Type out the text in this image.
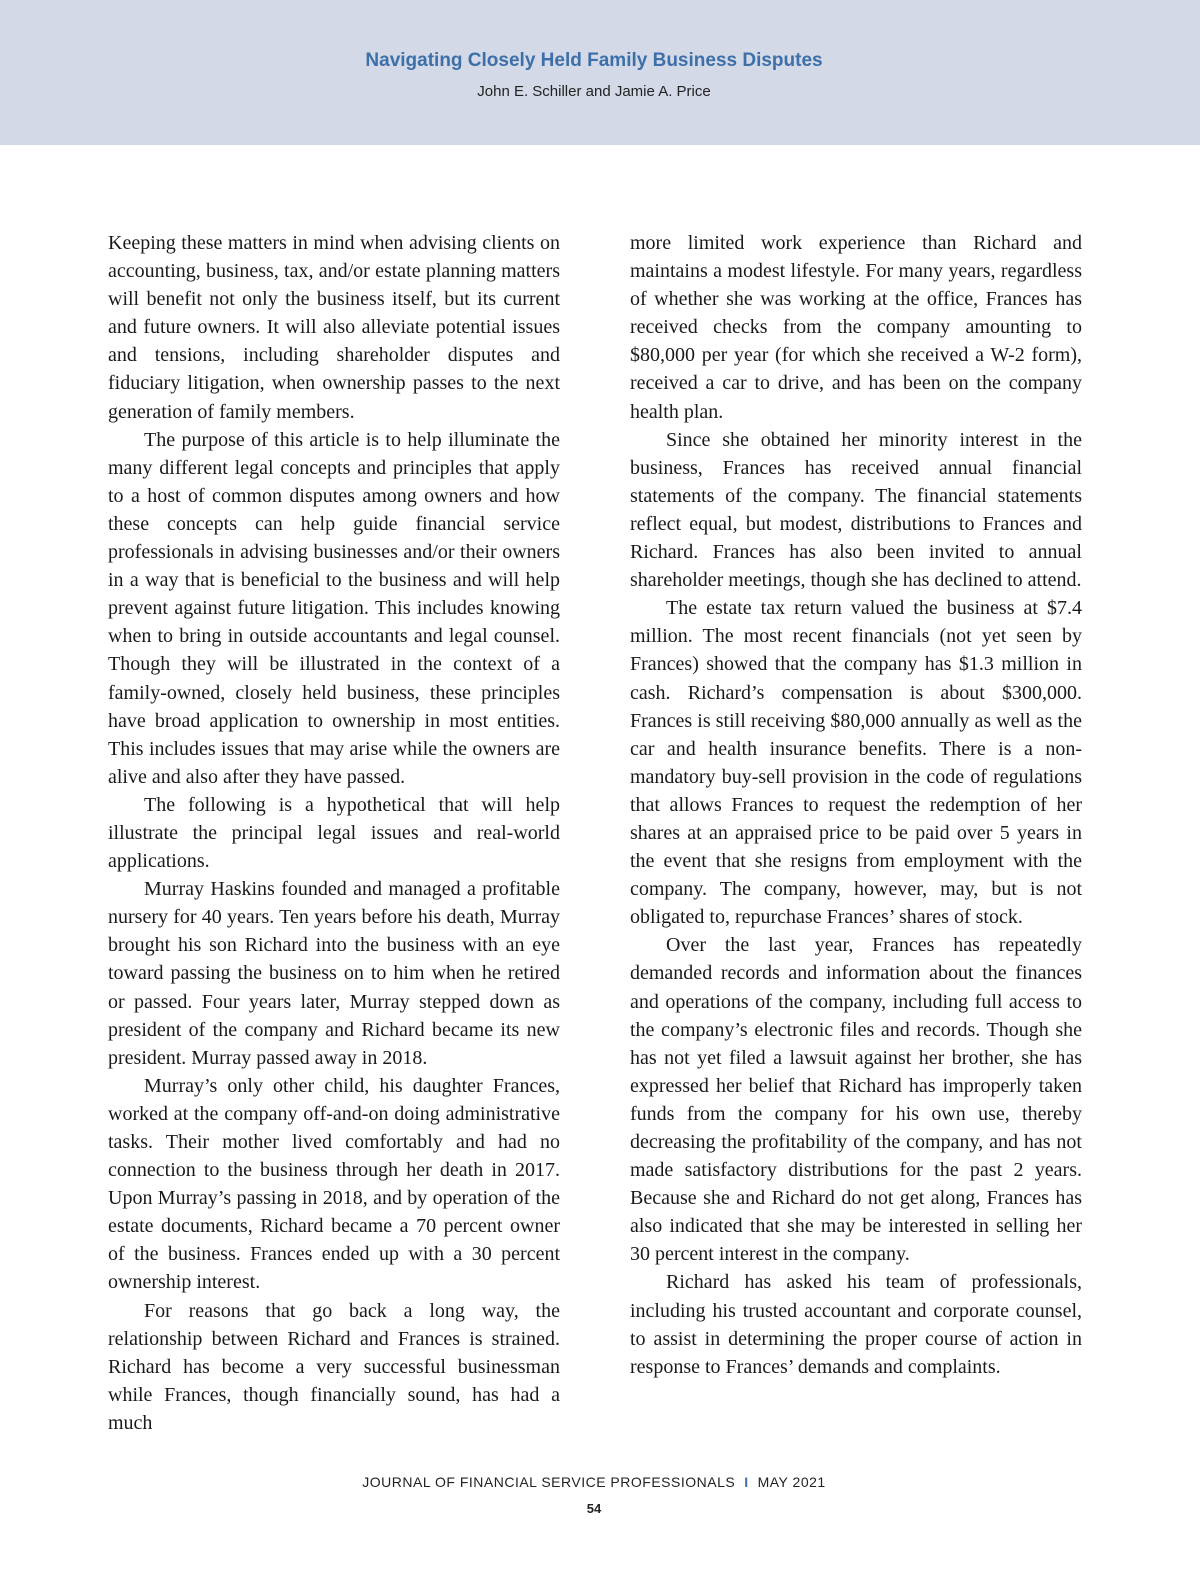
Navigating Closely Held Family Business Disputes
John E. Schiller and Jamie A. Price

Keeping these matters in mind when advising clients on accounting, business, tax, and/or estate planning matters will benefit not only the business itself, but its current and future owners. It will also alleviate potential issues and tensions, including shareholder disputes and fiduciary litigation, when ownership passes to the next generation of family members.

The purpose of this article is to help illuminate the many different legal concepts and principles that apply to a host of common disputes among owners and how these concepts can help guide financial service professionals in advising businesses and/or their owners in a way that is beneficial to the business and will help prevent against future litigation. This includes knowing when to bring in outside accountants and legal counsel. Though they will be illustrated in the context of a family-owned, closely held business, these principles have broad application to ownership in most entities. This includes issues that may arise while the owners are alive and also after they have passed.

The following is a hypothetical that will help illustrate the principal legal issues and real-world applications.

Murray Haskins founded and managed a profitable nursery for 40 years. Ten years before his death, Murray brought his son Richard into the business with an eye toward passing the business on to him when he retired or passed. Four years later, Murray stepped down as president of the company and Richard became its new president. Murray passed away in 2018.

Murray’s only other child, his daughter Frances, worked at the company off-and-on doing administrative tasks. Their mother lived comfortably and had no connection to the business through her death in 2017. Upon Murray’s passing in 2018, and by operation of the estate documents, Richard became a 70 percent owner of the business. Frances ended up with a 30 percent ownership interest.

For reasons that go back a long way, the relationship between Richard and Frances is strained. Richard has become a very successful businessman while Frances, though financially sound, has had a much

more limited work experience than Richard and maintains a modest lifestyle. For many years, regardless of whether she was working at the office, Frances has received checks from the company amounting to $80,000 per year (for which she received a W-2 form), received a car to drive, and has been on the company health plan.

Since she obtained her minority interest in the business, Frances has received annual financial statements of the company. The financial statements reflect equal, but modest, distributions to Frances and Richard. Frances has also been invited to annual shareholder meetings, though she has declined to attend.

The estate tax return valued the business at $7.4 million. The most recent financials (not yet seen by Frances) showed that the company has $1.3 million in cash. Richard’s compensation is about $300,000. Frances is still receiving $80,000 annually as well as the car and health insurance benefits. There is a non-mandatory buy-sell provision in the code of regulations that allows Frances to request the redemption of her shares at an appraised price to be paid over 5 years in the event that she resigns from employment with the company. The company, however, may, but is not obligated to, repurchase Frances’ shares of stock.

Over the last year, Frances has repeatedly demanded records and information about the finances and operations of the company, including full access to the company’s electronic files and records. Though she has not yet filed a lawsuit against her brother, she has expressed her belief that Richard has improperly taken funds from the company for his own use, thereby decreasing the profitability of the company, and has not made satisfactory distributions for the past 2 years. Because she and Richard do not get along, Frances has also indicated that she may be interested in selling her 30 percent interest in the company.

Richard has asked his team of professionals, including his trusted accountant and corporate counsel, to assist in determining the proper course of action in response to Frances’ demands and complaints.

JOURNAL OF FINANCIAL SERVICE PROFESSIONALS I MAY 2021
54
